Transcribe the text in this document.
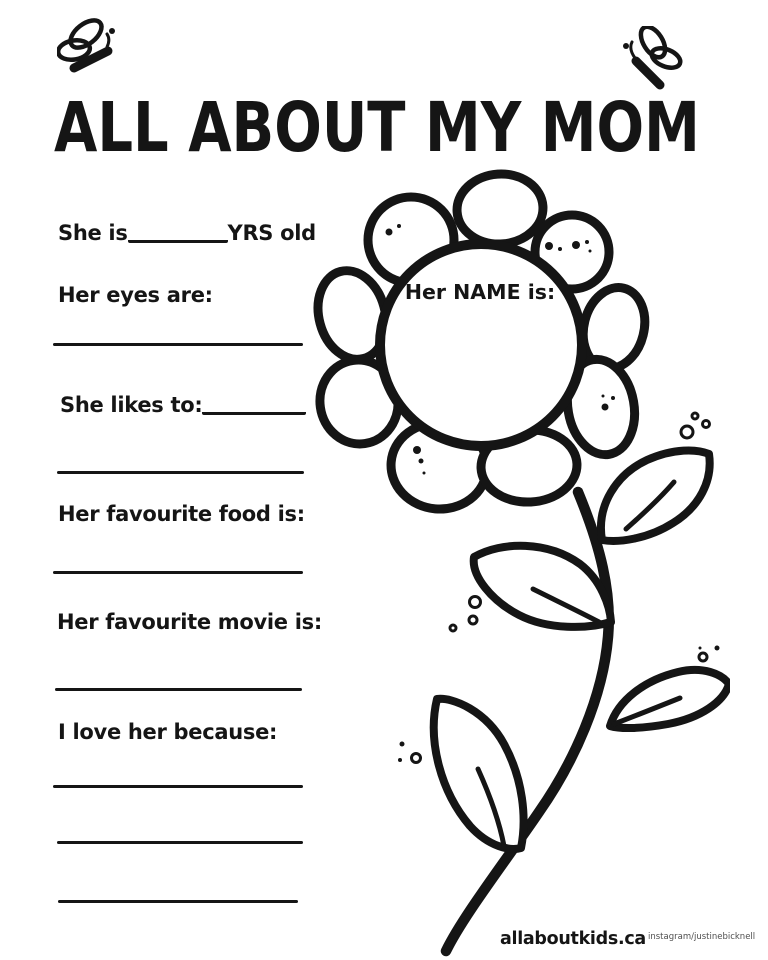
ALL ABOUT MY MOM
She is	YRS old
Her eyes are:
She likes to:
Her favourite food is:
Her favourite movie is:
I love her because:
Her NAME is:
allaboutkids.ca instagram/justinebicknell
